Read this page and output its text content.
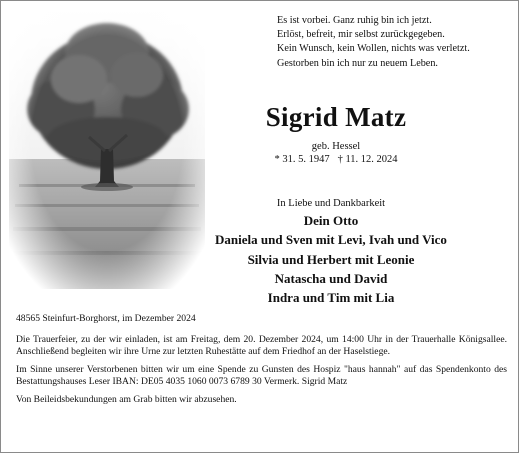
Es ist vorbei. Ganz ruhig bin ich jetzt.
Erlöst, befreit, mir selbst zurückgegeben.
Kein Wunsch, kein Wollen, nichts was verletzt.
Gestorben bin ich nur zu neuem Leben.
Sigrid Matz
geb. Hessel
* 31. 5. 1947 † 11. 12. 2024
In Liebe und Dankbarkeit
Dein Otto
Daniela und Sven mit Levi, Ivah und Vico
Silvia und Herbert mit Leonie
Natascha und David
Indra und Tim mit Lia

48565 Steinfurt-Borghorst, im Dezember 2024

Die Trauerfeier, zu der wir einladen, ist am Freitag, dem 20. Dezember 2024, um 14:00 Uhr in der Trauerhalle Königsallee. Anschließend begleiten wir ihre Urne zur letzten Ruhestätte auf dem Friedhof an der Haselstiege.

Im Sinne unserer Verstorbenen bitten wir um eine Spende zu Gunsten des Hospiz "haus hannah" auf das Spendenkonto des Bestattungshauses Leser IBAN: DE05 4035 1060 0073 6789 30 Vermerk. Sigrid Matz

Von Beileidsbekundungen am Grab bitten wir abzusehen.
